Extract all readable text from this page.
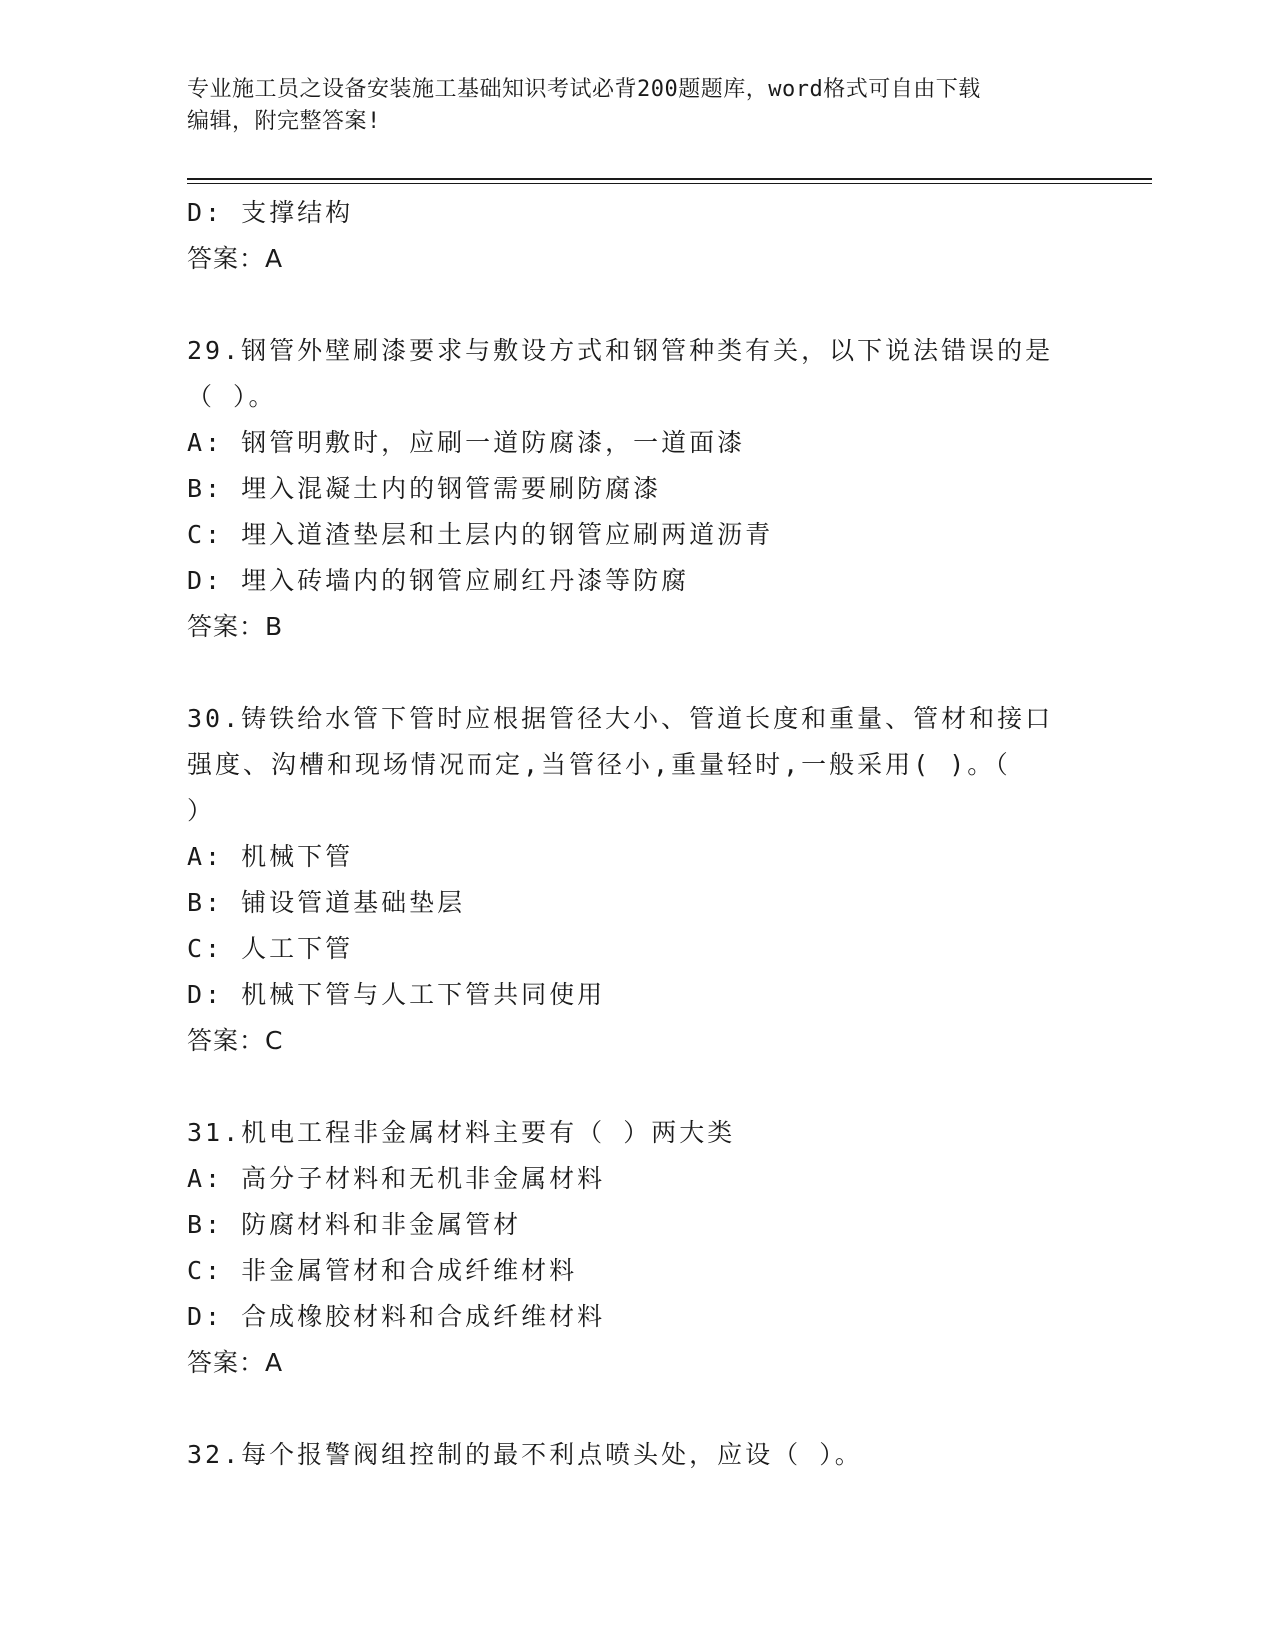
专业施工员之设备安装施工基础知识考试必背200题题库，word格式可自由下载
编辑，附完整答案!
D: 支撑结构
答案：A
29.钢管外壁刷漆要求与敷设方式和钢管种类有关，以下说法错误的是
（ ）。
A: 钢管明敷时，应刷一道防腐漆，一道面漆
B: 埋入混凝土内的钢管需要刷防腐漆
C: 埋入道渣垫层和土层内的钢管应刷两道沥青
D: 埋入砖墙内的钢管应刷红丹漆等防腐
答案：B
30.铸铁给水管下管时应根据管径大小、管道长度和重量、管材和接口
强度、沟槽和现场情况而定,当管径小,重量轻时,一般采用( )。（
）
A: 机械下管
B: 铺设管道基础垫层
C: 人工下管
D: 机械下管与人工下管共同使用
答案：C
31.机电工程非金属材料主要有（ ）两大类
A: 高分子材料和无机非金属材料
B: 防腐材料和非金属管材
C: 非金属管材和合成纤维材料
D: 合成橡胶材料和合成纤维材料
答案：A
32.每个报警阀组控制的最不利点喷头处，应设（ ）。
